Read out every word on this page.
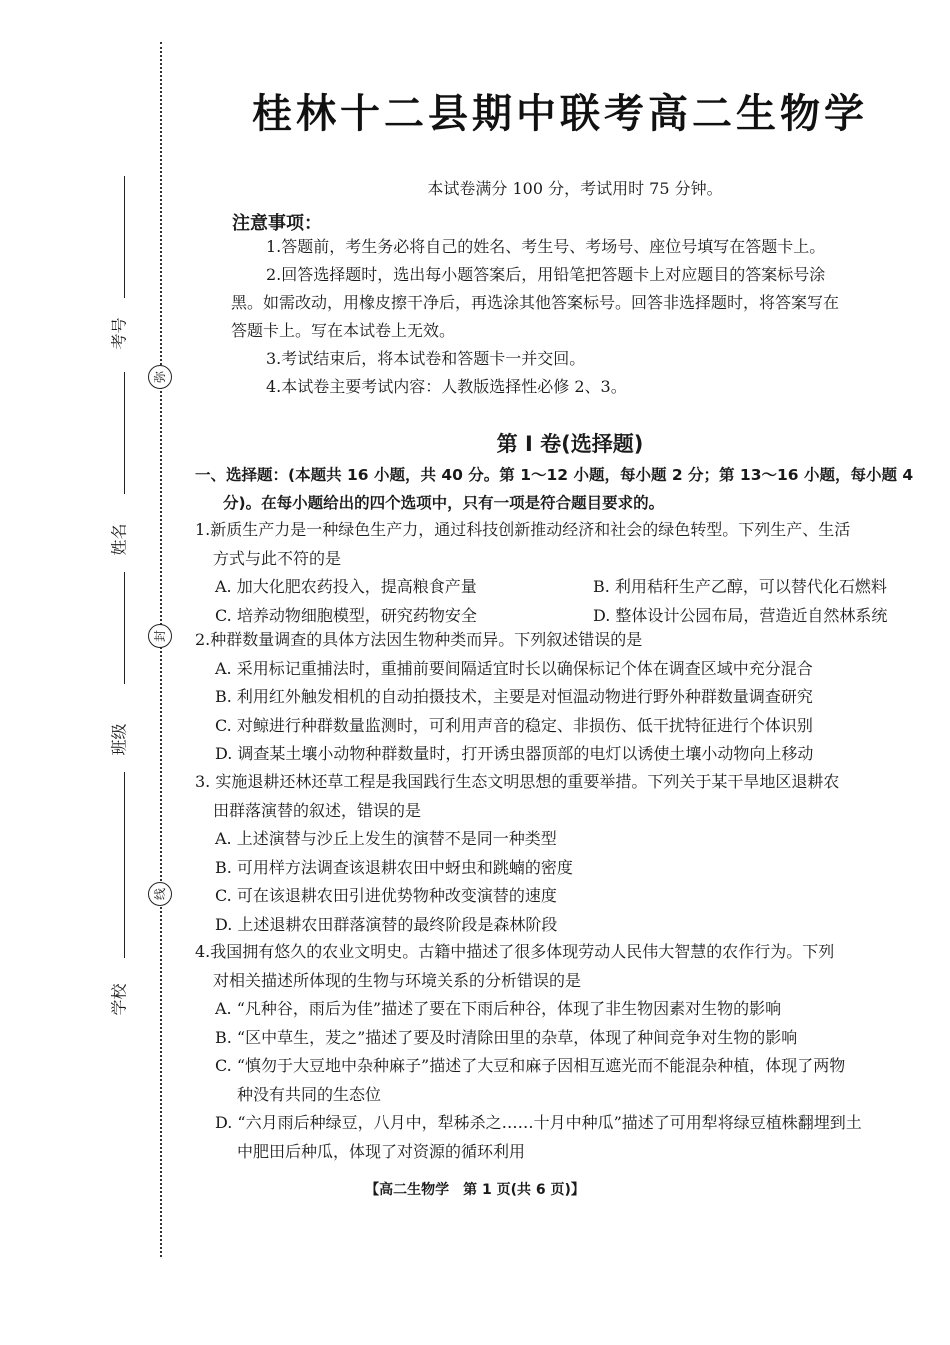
考号
姓名
班级
学校
弥
封
线
桂林十二县期中联考高二生物学
本试卷满分 100 分，考试用时 75 分钟。
注意事项：

1.答题前，考生务必将自己的姓名、考生号、考场号、座位号填写在答题卡上。

2.回答选择题时，选出每小题答案后，用铅笔把答题卡上对应题目的答案标号涂

黑。如需改动，用橡皮擦干净后，再选涂其他答案标号。回答非选择题时，将答案写在

答题卡上。写在本试卷上无效。

3.考试结束后，将本试卷和答题卡一并交回。

4.本试卷主要考试内容：人教版选择性必修 2、3。

第 Ⅰ 卷(选择题)
一、选择题：(本题共 16 小题，共 40 分。第 1～12 小题，每小题 2 分；第 13～16 小题，每小题 4
分)。在每小题给出的四个选项中，只有一项是符合题目要求的。

1.新质生产力是一种绿色生产力，通过科技创新推动经济和社会的绿色转型。下列生产、生活

方式与此不符的是

A. 加大化肥农药投入，提高粮食产量	B. 利用秸秆生产乙醇，可以替代化石燃料
C. 培养动物细胞模型，研究药物安全	D. 整体设计公园布局，营造近自然林系统

2.种群数量调查的具体方法因生物种类而异。下列叙述错误的是

A. 采用标记重捕法时，重捕前要间隔适宜时长以确保标记个体在调查区域中充分混合

B. 利用红外触发相机的自动拍摄技术，主要是对恒温动物进行野外种群数量调查研究

C. 对鲸进行种群数量监测时，可利用声音的稳定、非损伤、低干扰特征进行个体识别

D. 调查某土壤小动物种群数量时，打开诱虫器顶部的电灯以诱使土壤小动物向上移动

3. 实施退耕还林还草工程是我国践行生态文明思想的重要举措。下列关于某干旱地区退耕农

田群落演替的叙述，错误的是

A. 上述演替与沙丘上发生的演替不是同一种类型

B. 可用样方法调查该退耕农田中蚜虫和跳蝻的密度

C. 可在该退耕农田引进优势物种改变演替的速度

D. 上述退耕农田群落演替的最终阶段是森林阶段

4.我国拥有悠久的农业文明史。古籍中描述了很多体现劳动人民伟大智慧的农作行为。下列

对相关描述所体现的生物与环境关系的分析错误的是

A. “凡种谷，雨后为佳”描述了要在下雨后种谷，体现了非生物因素对生物的影响

B. “区中草生，茇之”描述了要及时清除田里的杂草，体现了种间竞争对生物的影响

C. “慎勿于大豆地中杂种麻子”描述了大豆和麻子因相互遮光而不能混杂种植，体现了两物

种没有共同的生态位

D. “六月雨后种绿豆，八月中，犁秭杀之……十月中种瓜”描述了可用犁将绿豆植株翻埋到土

中肥田后种瓜，体现了对资源的循环利用

【高二生物学　第 1 页(共 6 页)】
